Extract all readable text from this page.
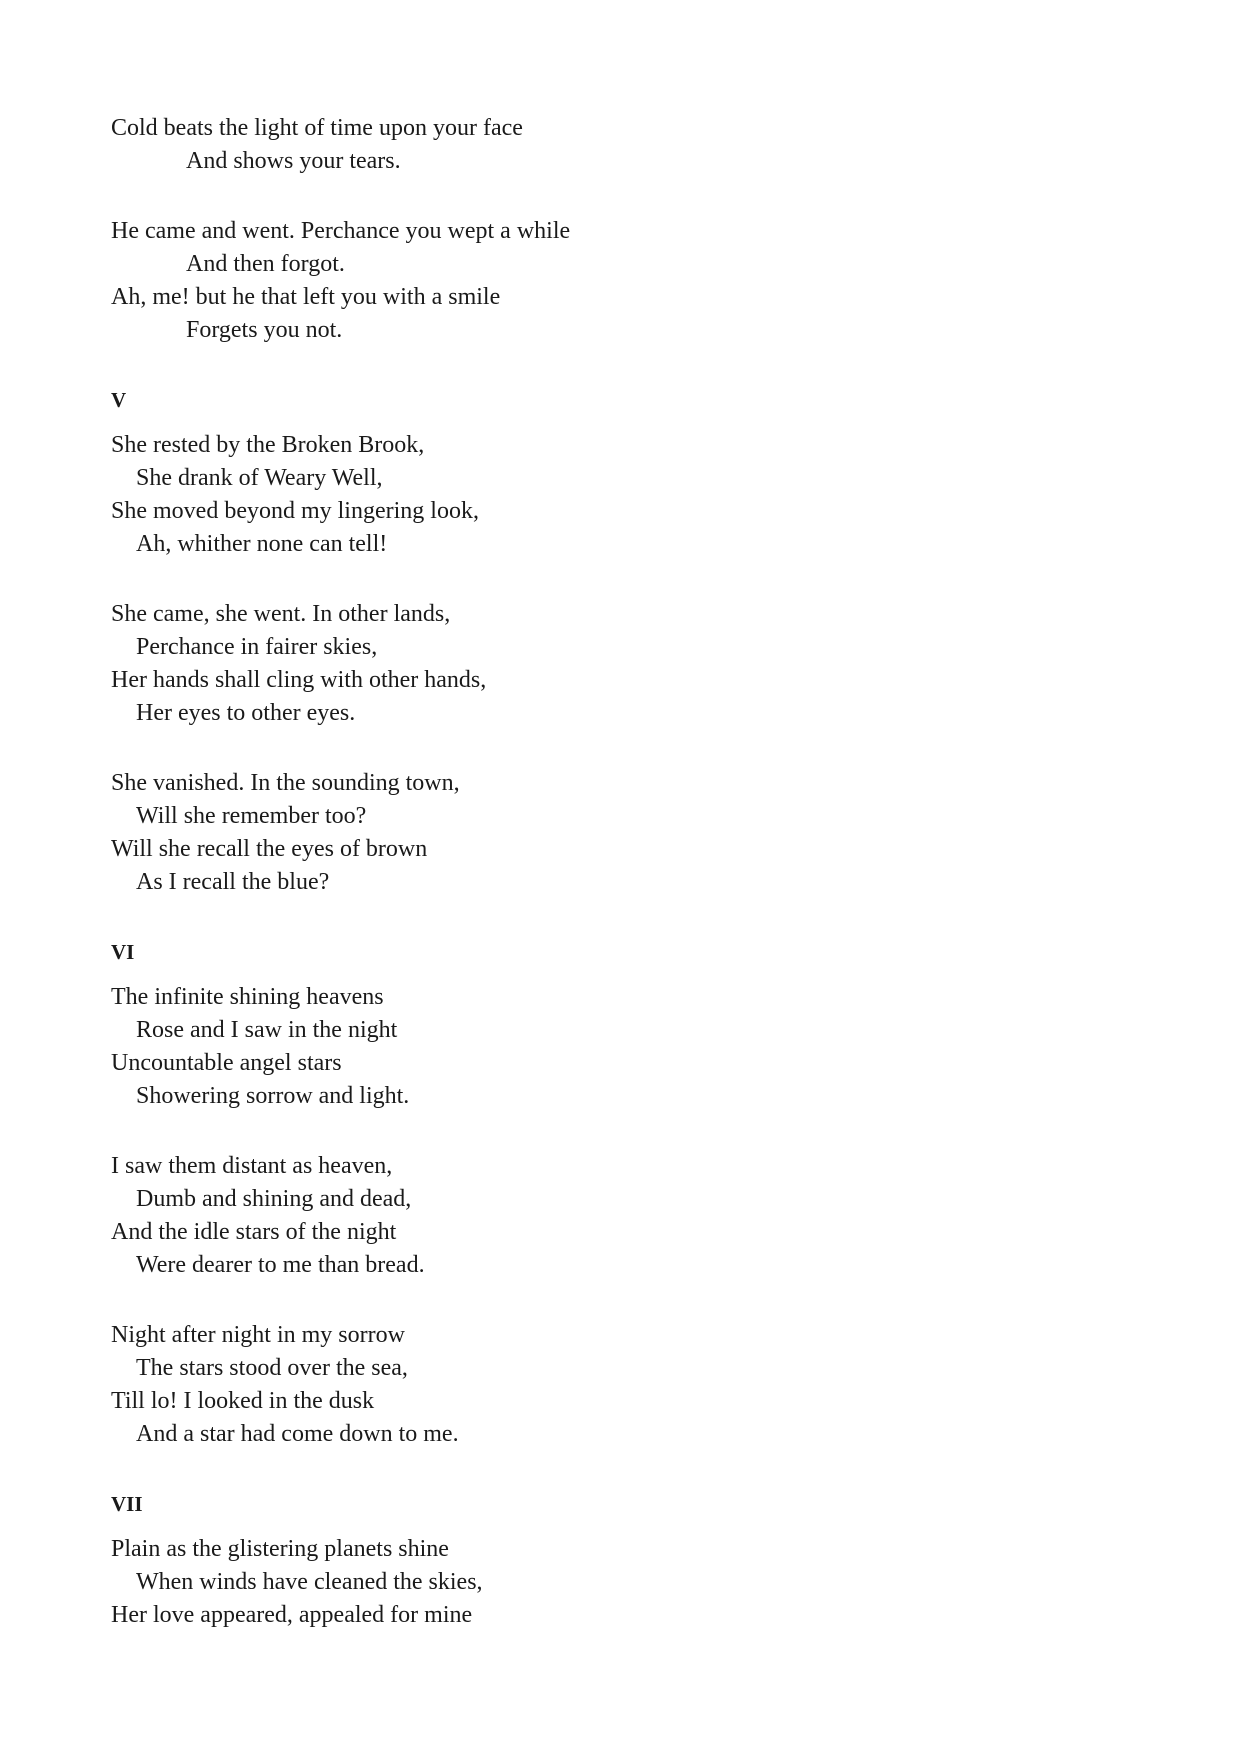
Cold beats the light of time upon your face
And shows your tears.
He came and went. Perchance you wept a while
And then forgot.
Ah, me! but he that left you with a smile
Forgets you not.
V
She rested by the Broken Brook,
She drank of Weary Well,
She moved beyond my lingering look,
Ah, whither none can tell!
She came, she went. In other lands,
Perchance in fairer skies,
Her hands shall cling with other hands,
Her eyes to other eyes.
She vanished. In the sounding town,
Will she remember too?
Will she recall the eyes of brown
As I recall the blue?
VI
The infinite shining heavens
Rose and I saw in the night
Uncountable angel stars
Showering sorrow and light.
I saw them distant as heaven,
Dumb and shining and dead,
And the idle stars of the night
Were dearer to me than bread.
Night after night in my sorrow
The stars stood over the sea,
Till lo! I looked in the dusk
And a star had come down to me.
VII
Plain as the glistering planets shine
When winds have cleaned the skies,
Her love appeared, appealed for mine
